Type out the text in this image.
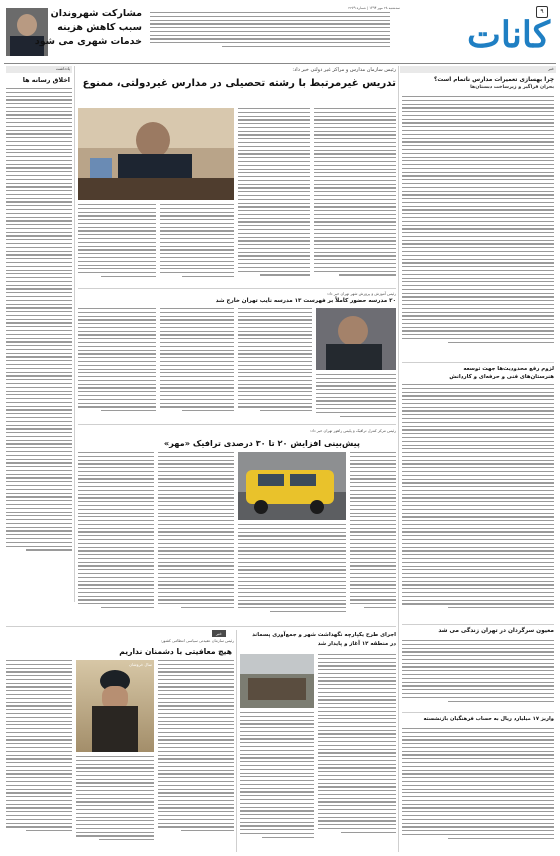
۹
کانات
سه‌شنبه ۲۸ مهر ۱۳۹۴ | شماره ۲۲۷۹
مشارکت شهروندان
سبب کاهش هزینه
خدمات شهری می شود
خبر
چرا بهسازی تعمیرات مدارس ناتمام است؟
بحران فراگیر و زیرساخت دبستان‌ها
لزوم رفع محدودیت‌ها جهت توسعه
هنرستان‌های فنی و حرفه‌ای و کاردانش
معیون سرگردان در تهران زندگی می شد
واریز ۱۷ میلیارد ریال به حساب فرهنگیان بازنشسته
یادداشت
اخلاق رسانه ها
رئیس سازمان مدارس و مراکز غیر دولتی خبر داد:
تدریس غیرمرتبط با رشته تحصیلی در مدارس غیردولتی، ممنوع
رئیس آموزش و پرورش شهر تهران خبر داد:
۲۰ مدرسه حضور کاملاً بر فهرست ۱۳ مدرسه نایب تهران خارج شد
رئیس مرکز کنترل ترافیک و پلیس راهور تهران خبر داد:
پیش‌بینی افزایش ۲۰ تا ۳۰ درصدی ترافیک «مهر»
اجرای طرح یکپارچه نگهداشت شهر و جمع‌آوری پسماند
در منطقه ۱۲ آغاز و پایدار شد
خبر
رئیس سازمان عقیدتی سیاسی انتظامی کشور:
هیچ معافیتی با دشمنان نداریم
سال خروشان
